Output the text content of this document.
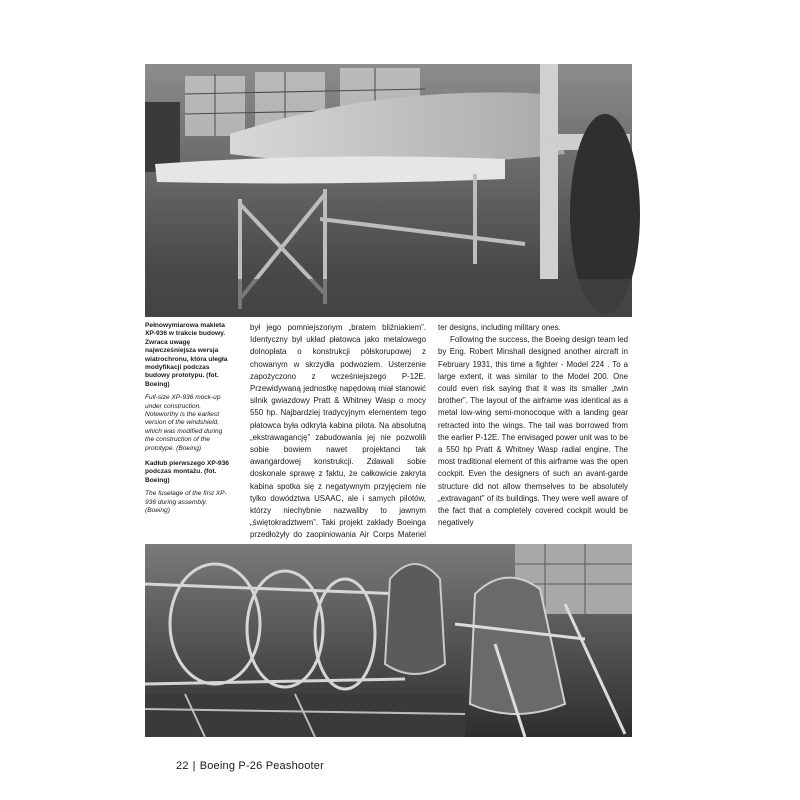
Pełnowymiarowa makieta XP-936 w trakcie budowy. Zwraca uwagę najwcześniejsza wersja wiatrochronu, która uległa modyfikacji podczas budowy prototypu. (fot. Boeing)

Full-size XP-936 mock-up under construction. Noteworthy is the earliest version of the windshield, which was modified during the construction of the prototype. (Boeing)

Kadłub pierwszego XP-936 podczas montażu. (fot. Boeing)

The fuselage of the first XP-936 during assembly. (Boeing)

był jego pomniejszonym „bratem bliźniakiem”. Identyczny był układ płatowca jako metalowego dolnopłata o konstrukcji półskorupowej z chowanym w skrzydła podwoziem. Usterzenie zapożyczono z wcześniejszego P-12E. Przewidywaną jednostkę napędową miał stanowić silnik gwiazdowy Pratt & Whitney Wasp o mocy 550 hp. Najbardziej tradycyjnym elementem tego płatowca była odkryta kabina pilota. Na absolutną „ekstrawagancję” zabudowania jej nie pozwolili sobie bowiem nawet projektanci tak awangardowej konstrukcji. Zdawali sobie doskonale sprawę z faktu, że całkowicie zakryta kabina spotka się z negatywnym przyjęciem nie tylko dowództwa USAAC, ale i samych pilotów, którzy niechybnie nazwaliby to jawnym „świętokradztwem”. Taki projekt zakłady Boeinga przedłożyły do zaopiniowania Air Corps Materiel

ter designs, including military ones.

Following the success, the Boeing design team led by Eng. Robert Minshall designed another aircraft in February 1931, this time a fighter - Model 224 . To a large extent, it was similar to the Model 200. One could even risk saying that it was its smaller „twin brother”. The layout of the airframe was identical as a metal low-wing semi-monocoque with a landing gear retracted into the wings. The tail was borrowed from the earlier P-12E. The envisaged power unit was to be a 550 hp Pratt & Whitney Wasp radial engine. The most traditional element of this airframe was the open cockpit. Even the designers of such an avant-garde structure did not allow themselves to be absolutely „extravagant” of its buildings. They were well aware of the fact that a completely covered cockpit would be negatively

22 | Boeing P-26 Peashooter
